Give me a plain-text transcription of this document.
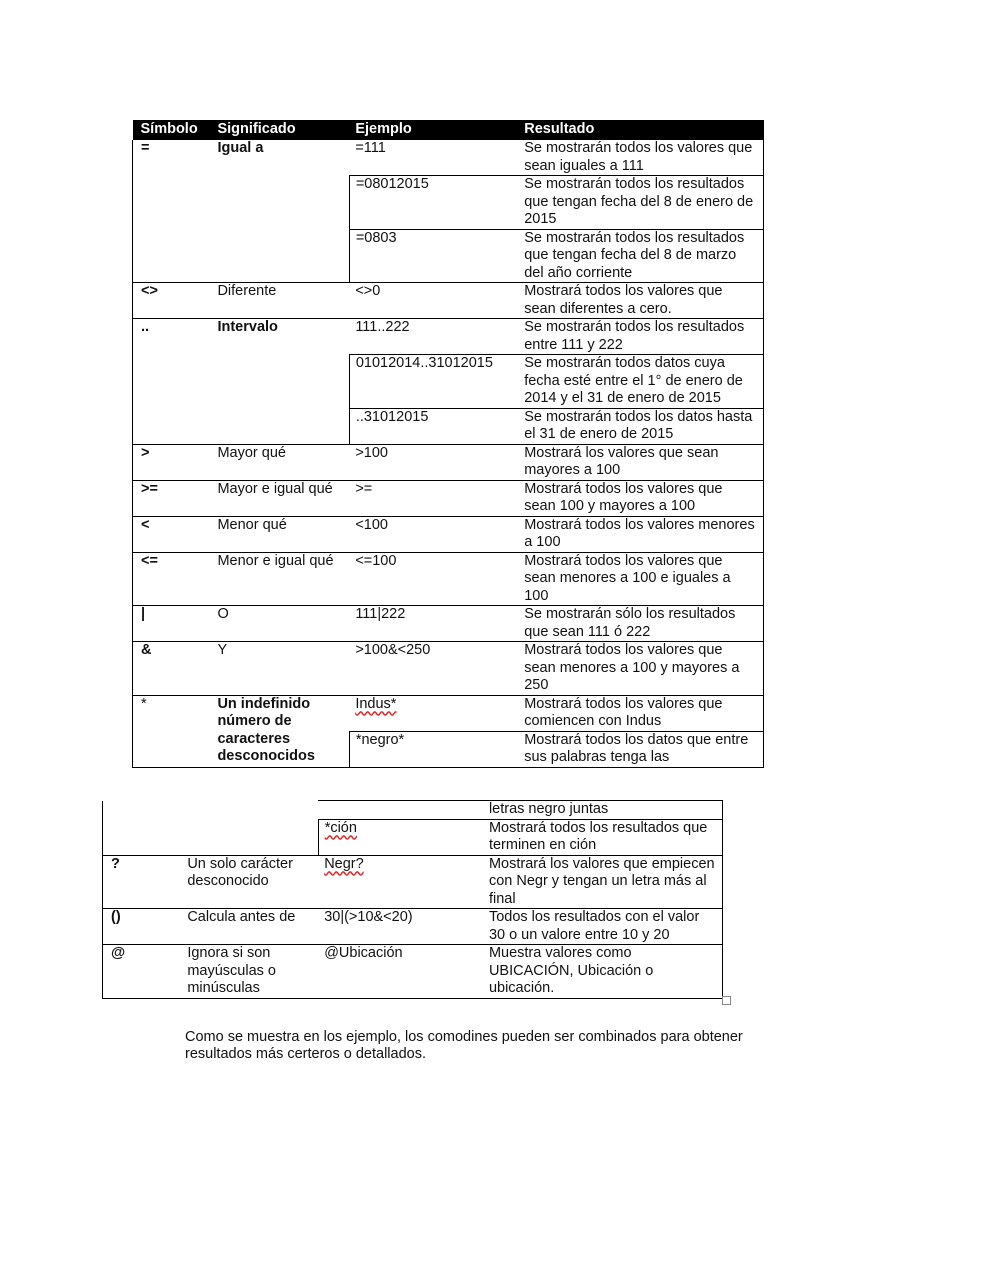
Símbolo	Significado	Ejemplo	Resultado
=	Igual a	=111	Se mostrarán todos los valores que sean iguales a 111
		=08012015	Se mostrarán todos los resultados que tengan fecha del 8 de enero de 2015
		=0803	Se mostrarán todos los resultados que tengan fecha del 8 de marzo del año corriente
<>	Diferente	<>0	Mostrará todos los valores que sean diferentes a cero.
..	Intervalo	111..222	Se mostrarán todos los resultados entre 111 y 222
		01012014..31012015	Se mostrarán todos datos cuya fecha esté entre el 1° de enero de 2014 y el 31 de enero de 2015
		..31012015	Se mostrarán todos los datos hasta el 31 de enero de 2015
>	Mayor qué	>100	Mostrará los valores que sean mayores a 100
>=	Mayor e igual qué	>=	Mostrará todos los valores que sean 100 y mayores a 100
<	Menor qué	<100	Mostrará todos los valores menores a 100
<=	Menor e igual qué	<=100	Mostrará todos los valores que sean menores a 100 e iguales a 100
|	O	111|222	Se mostrarán sólo los resultados que sean 111 ó 222
&	Y	>100&<250	Mostrará todos los valores que sean menores a 100 y mayores a 250
*	Un indefinido número de caracteres desconocidos	Indus*	Mostrará todos los valores que comiencen con Indus
		*negro*	Mostrará todos los datos que entre sus palabras tenga las
			letras negro juntas
		*ción	Mostrará todos los resultados que terminen en ción
?	Un solo carácter desconocido	Negr?	Mostrará los valores que empiecen con Negr y tengan un letra más al final
()	Calcula antes de	30|(>10&<20)	Todos los resultados con el valor 30 o un valore entre 10 y 20
@	Ignora si son mayúsculas o minúsculas	@Ubicación	Muestra valores como UBICACIÓN, Ubicación o ubicación.

Como se muestra en los ejemplo, los comodines pueden ser combinados para obtener resultados más certeros o detallados.
